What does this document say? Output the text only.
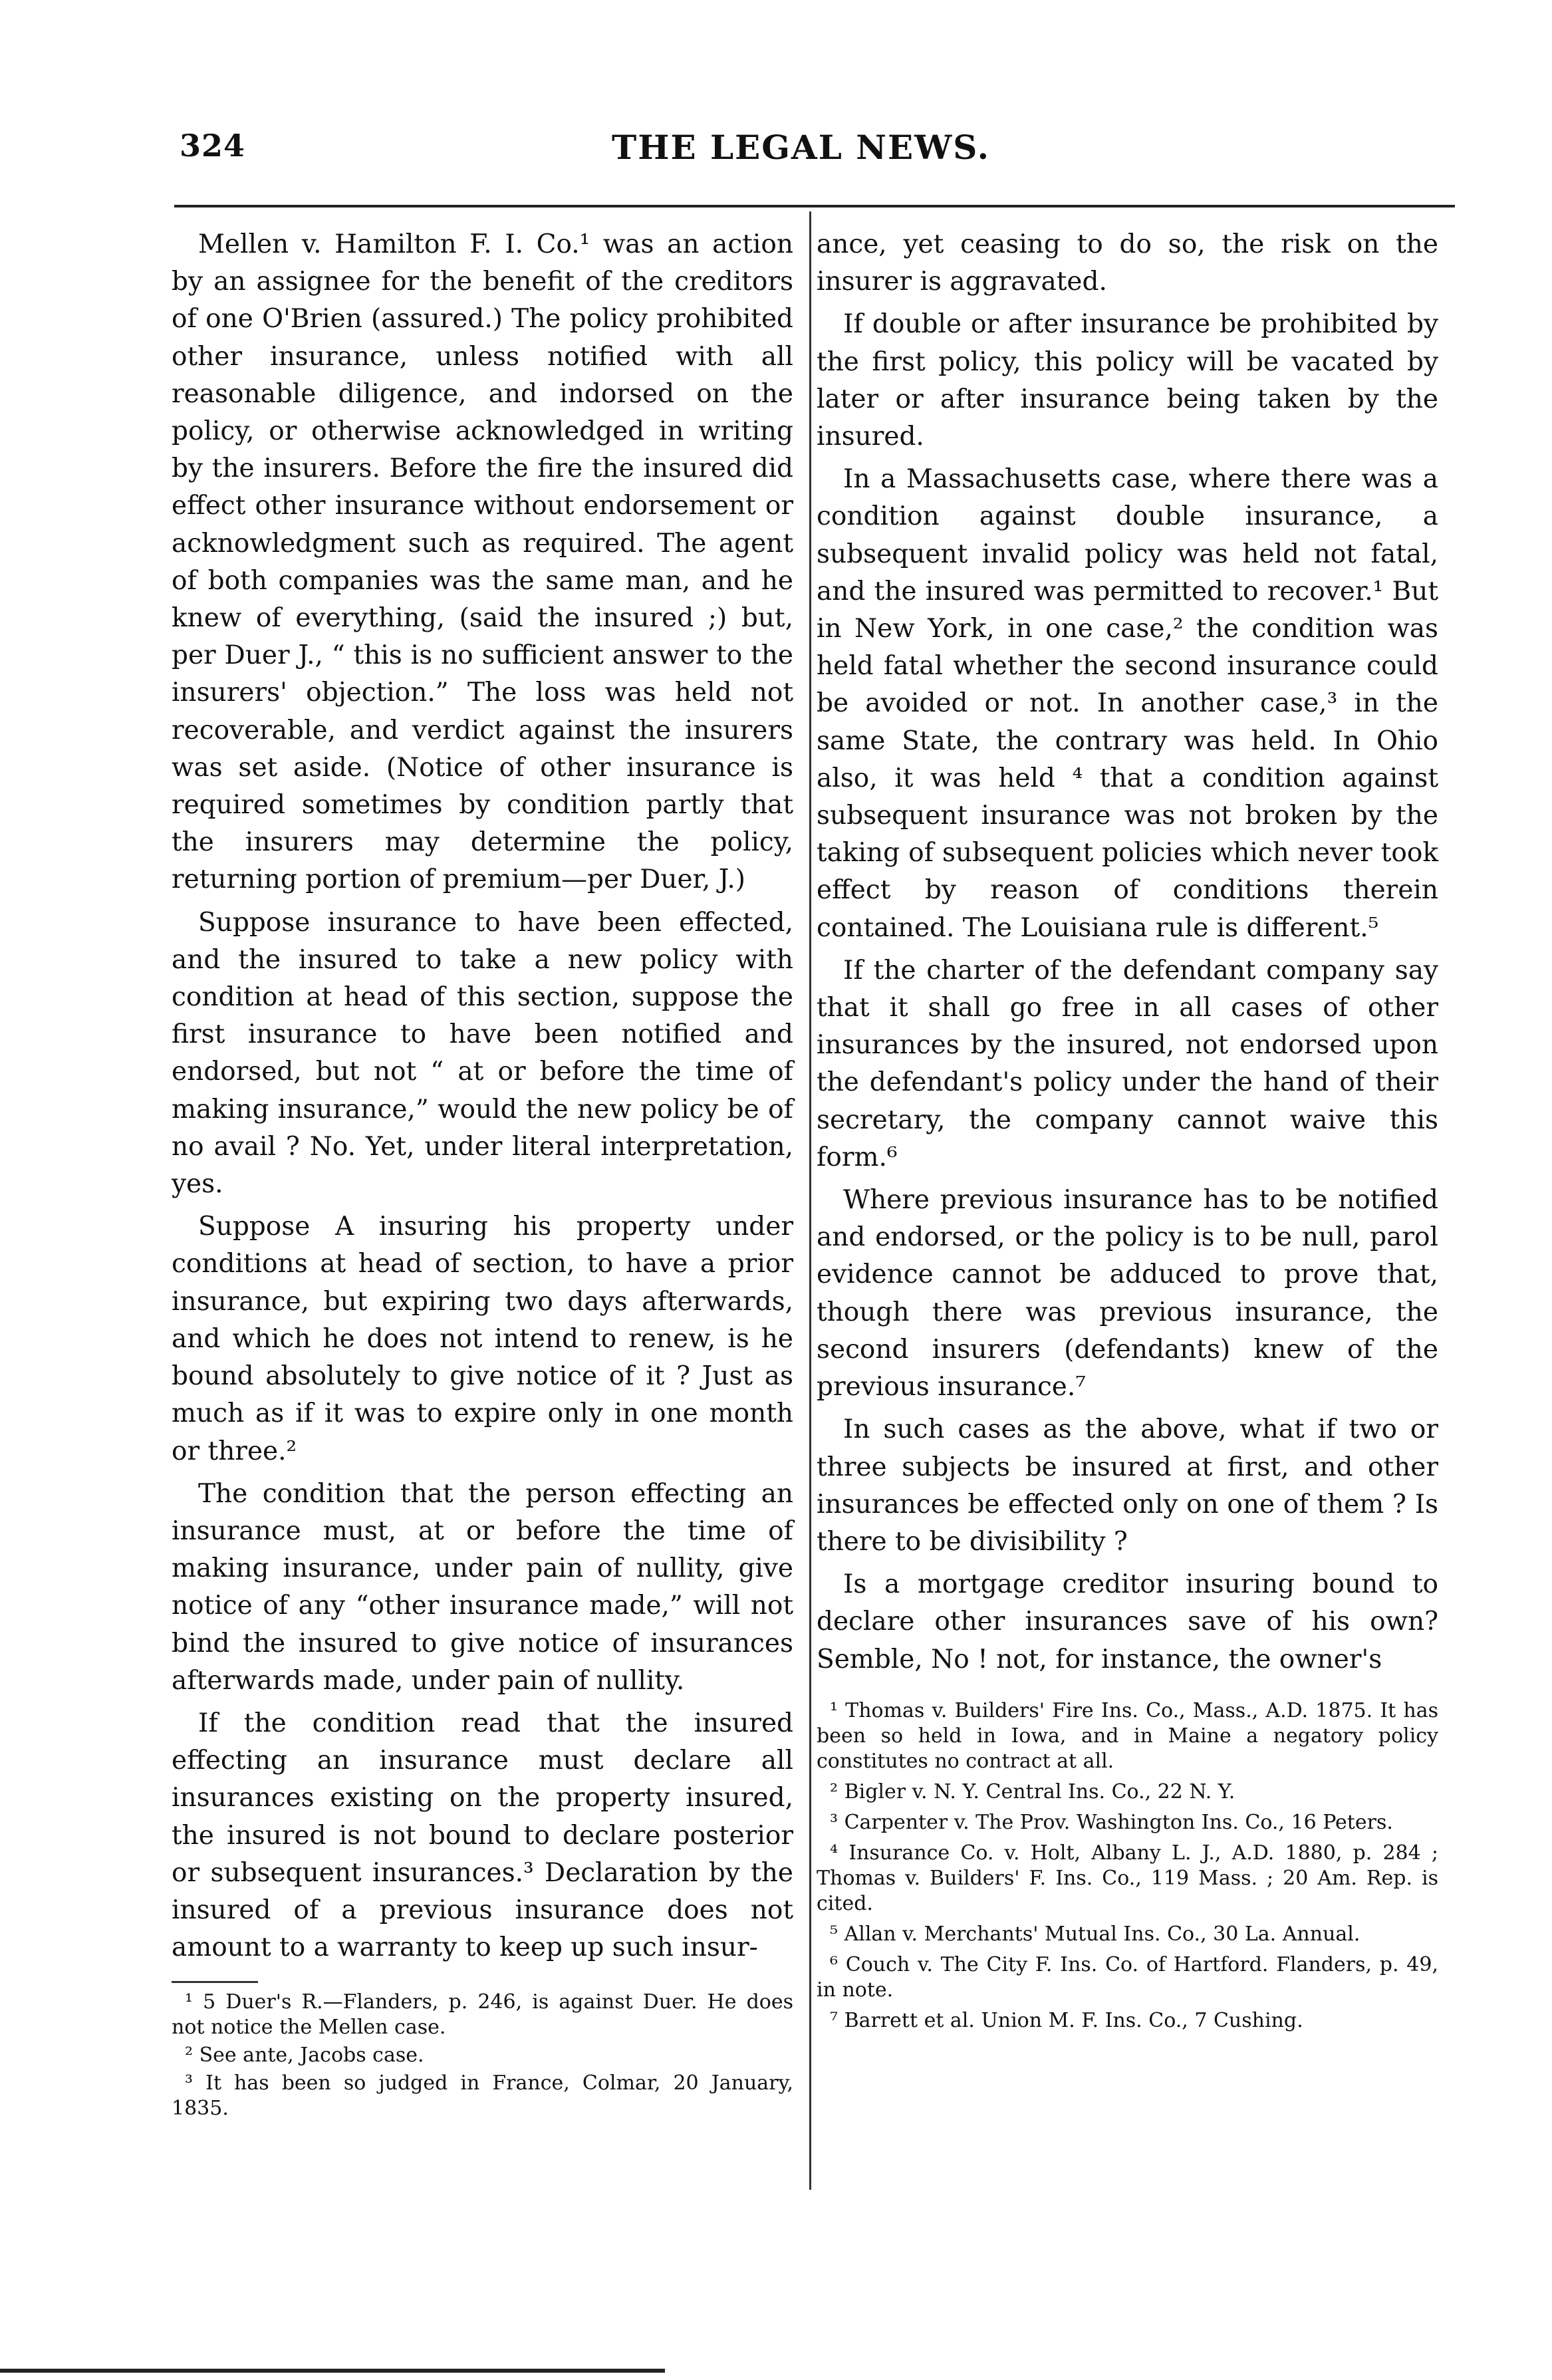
324	THE LEGAL NEWS.

Mellen v. Hamilton F. I. Co.¹ was an action by an assignee for the benefit of the creditors of one O'Brien (assured.) The policy prohibited other insurance, unless notified with all reasonable diligence, and indorsed on the policy, or otherwise acknowledged in writing by the insurers. Before the fire the insured did effect other insurance without endorsement or acknowledgment such as required. The agent of both companies was the same man, and he knew of everything, (said the insured ;) but, per Duer J., “ this is no sufficient answer to the insurers' objection.” The loss was held not recoverable, and verdict against the insurers was set aside. (Notice of other insurance is required sometimes by condition partly that the insurers may determine the policy, returning portion of premium—per Duer, J.)

Suppose insurance to have been effected, and the insured to take a new policy with condition at head of this section, suppose the first insurance to have been notified and endorsed, but not “ at or before the time of making insurance,” would the new policy be of no avail ? No. Yet, under literal interpretation, yes.

Suppose A insuring his property under conditions at head of section, to have a prior insurance, but expiring two days afterwards, and which he does not intend to renew, is he bound absolutely to give notice of it ? Just as much as if it was to expire only in one month or three.²

The condition that the person effecting an insurance must, at or before the time of making insurance, under pain of nullity, give notice of any “other insurance made,” will not bind the insured to give notice of insurances afterwards made, under pain of nullity.

If the condition read that the insured effecting an insurance must declare all insurances existing on the property insured, the insured is not bound to declare posterior or subsequent insurances.³ Declaration by the insured of a previous insurance does not amount to a warranty to keep up such insur-

¹ 5 Duer's R.—Flanders, p. 246, is against Duer. He does not notice the Mellen case.

² See ante, Jacobs case.

³ It has been so judged in France, Colmar, 20 January, 1835.

ance, yet ceasing to do so, the risk on the insurer is aggravated.

If double or after insurance be prohibited by the first policy, this policy will be vacated by later or after insurance being taken by the insured.

In a Massachusetts case, where there was a condition against double insurance, a subsequent invalid policy was held not fatal, and the insured was permitted to recover.¹ But in New York, in one case,² the condition was held fatal whether the second insurance could be avoided or not. In another case,³ in the same State, the contrary was held. In Ohio also, it was held ⁴ that a condition against subsequent insurance was not broken by the taking of subsequent policies which never took effect by reason of conditions therein contained. The Louisiana rule is different.⁵

If the charter of the defendant company say that it shall go free in all cases of other insurances by the insured, not endorsed upon the defendant's policy under the hand of their secretary, the company cannot waive this form.⁶

Where previous insurance has to be notified and endorsed, or the policy is to be null, parol evidence cannot be adduced to prove that, though there was previous insurance, the second insurers (defendants) knew of the previous insurance.⁷

In such cases as the above, what if two or three subjects be insured at first, and other insurances be effected only on one of them ? Is there to be divisibility ?

Is a mortgage creditor insuring bound to declare other insurances save of his own? Semble, No ! not, for instance, the owner's

¹ Thomas v. Builders' Fire Ins. Co., Mass., A.D. 1875. It has been so held in Iowa, and in Maine a negatory policy constitutes no contract at all.

² Bigler v. N. Y. Central Ins. Co., 22 N. Y.

³ Carpenter v. The Prov. Washington Ins. Co., 16 Peters.

⁴ Insurance Co. v. Holt, Albany L. J., A.D. 1880, p. 284 ; Thomas v. Builders' F. Ins. Co., 119 Mass. ; 20 Am. Rep. is cited.

⁵ Allan v. Merchants' Mutual Ins. Co., 30 La. Annual.

⁶ Couch v. The City F. Ins. Co. of Hartford. Flanders, p. 49, in note.

⁷ Barrett et al. Union M. F. Ins. Co., 7 Cushing.
